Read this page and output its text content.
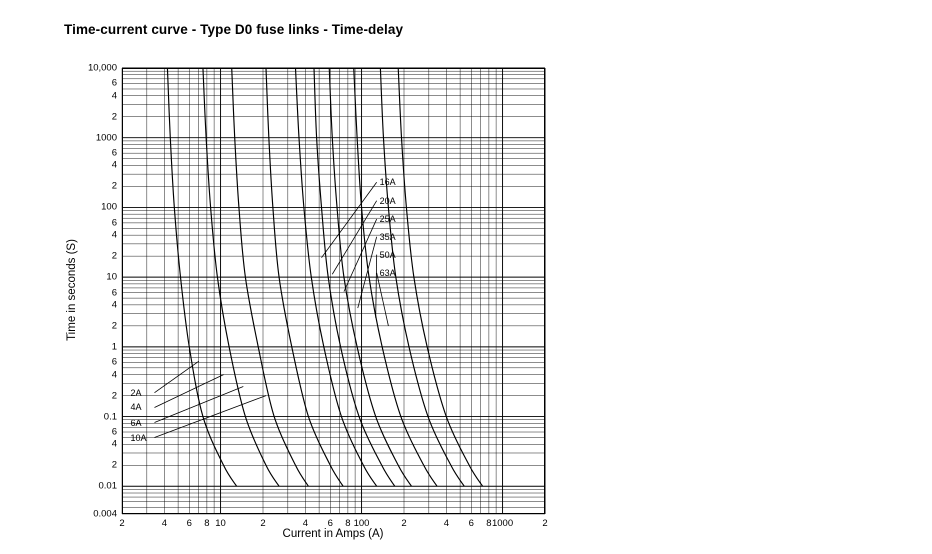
Time-current curve - Type D0 fuse links - Time-delay
10,000
6
4
2
1000
6
4
2
100
6
4
2
10
6
4
2
1
6
4
2
0.1
6
4
2
0.01
0.004
2	4 6 8 10	2	4 6 8 100	2	4 6 8 1000	2
2A
4A
6A
10A
16A
20A
25A
35A
50A
63A
Time in seconds (S)
Current in Amps (A)
